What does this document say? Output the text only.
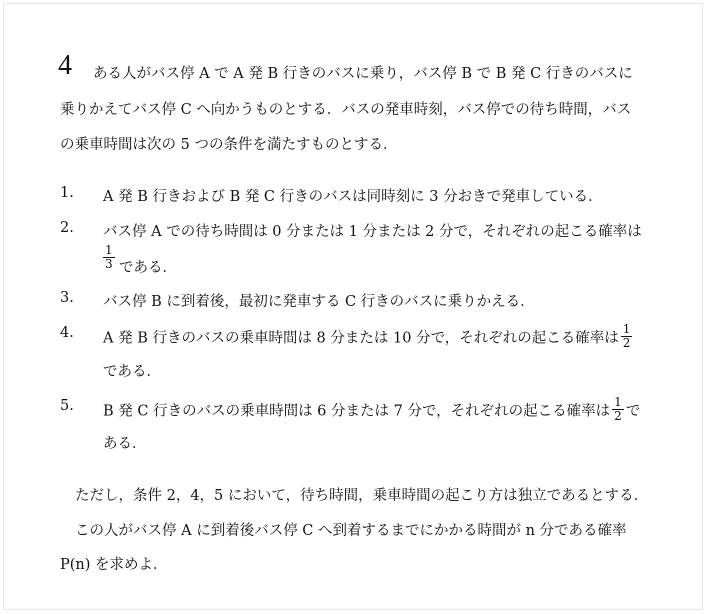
4 ある人がバス停 A で A 発 B 行きのバスに乗り，バス停 B で B 発 C 行きのバスに
乗りかえてバス停 C へ向かうものとする．バスの発車時刻，バス停での待ち時間，バス
の乗車時間は次の 5 つの条件を満たすものとする．
1. A 発 B 行きおよび B 発 C 行きのバスは同時刻に 3 分おきで発車している．
2. バス停 A での待ち時間は 0 分または 1 分または 2 分で，それぞれの起こる確率は
$\frac{1}{3}$ である．
3. バス停 B に到着後，最初に発車する C 行きのバスに乗りかえる．
4. A 発 B 行きのバスの乗車時間は 8 分または 10 分で，それぞれの起こる確率は $\frac{1}{2}$
である．
5. B 発 C 行きのバスの乗車時間は 6 分または 7 分で，それぞれの起こる確率は $\frac{1}{2}$ で
ある．
ただし，条件 2，4，5 において，待ち時間，乗車時間の起こり方は独立であるとする．
この人がバス停 A に到着後バス停 C へ到着するまでにかかる時間が n 分である確率
P(n) を求めよ．
